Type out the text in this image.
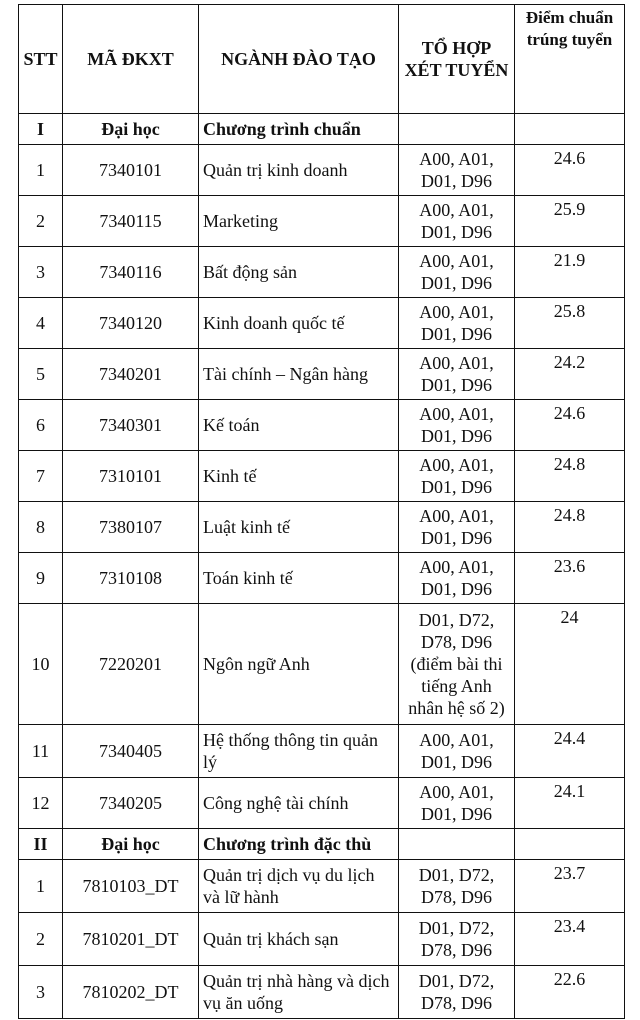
STT	MÃ ĐKXT	NGÀNH ĐÀO TẠO	TỔ HỢP XÉT TUYỂN	Điểm chuẩn trúng tuyển
I	Đại học	Chương trình chuẩn		
1	7340101	Quản trị kinh doanh	A00, A01, D01, D96	24.6
2	7340115	Marketing	A00, A01, D01, D96	25.9
3	7340116	Bất động sản	A00, A01, D01, D96	21.9
4	7340120	Kinh doanh quốc tế	A00, A01, D01, D96	25.8
5	7340201	Tài chính – Ngân hàng	A00, A01, D01, D96	24.2
6	7340301	Kế toán	A00, A01, D01, D96	24.6
7	7310101	Kinh tế	A00, A01, D01, D96	24.8
8	7380107	Luật kinh tế	A00, A01, D01, D96	24.8
9	7310108	Toán kinh tế	A00, A01, D01, D96	23.6
10	7220201	Ngôn ngữ Anh	D01, D72, D78, D96 (điểm bài thi tiếng Anh nhân hệ số 2)	24
11	7340405	Hệ thống thông tin quản lý	A00, A01, D01, D96	24.4
12	7340205	Công nghệ tài chính	A00, A01, D01, D96	24.1
II	Đại học	Chương trình đặc thù		
1	7810103_DT	Quản trị dịch vụ du lịch và lữ hành	D01, D72, D78, D96	23.7
2	7810201_DT	Quản trị khách sạn	D01, D72, D78, D96	23.4
3	7810202_DT	Quản trị nhà hàng và dịch vụ ăn uống	D01, D72, D78, D96	22.6
